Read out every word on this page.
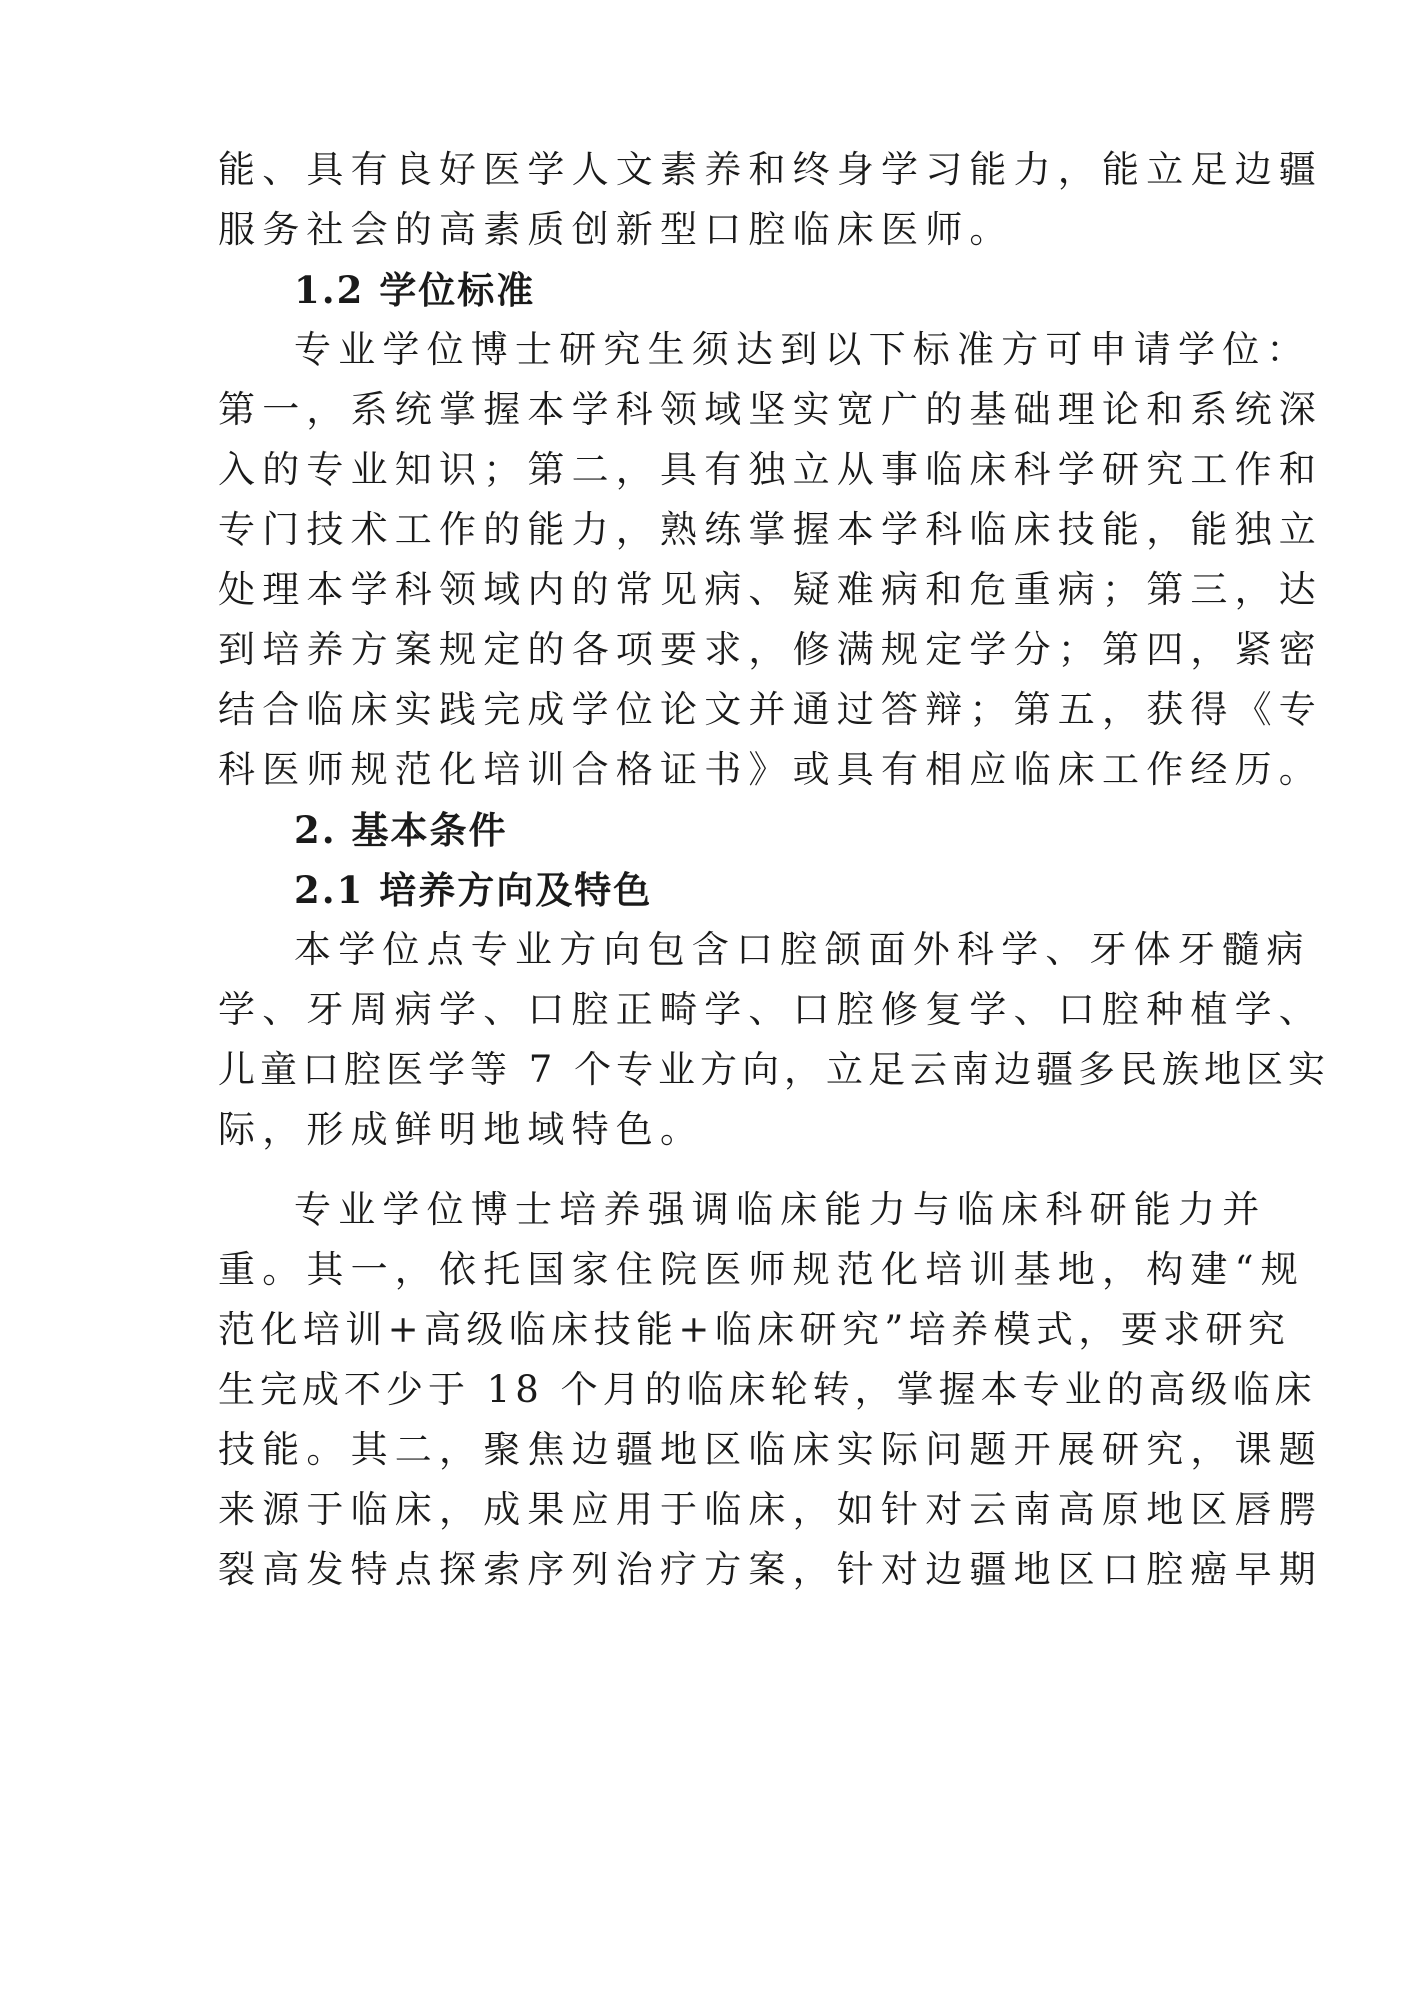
能、具有良好医学人文素养和终身学习能力，能立足边疆
服务社会的高素质创新型口腔临床医师。
1.2 学位标准
专业学位博士研究生须达到以下标准方可申请学位：
第一，系统掌握本学科领域坚实宽广的基础理论和系统深
入的专业知识；第二，具有独立从事临床科学研究工作和
专门技术工作的能力，熟练掌握本学科临床技能，能独立
处理本学科领域内的常见病、疑难病和危重病；第三，达
到培养方案规定的各项要求，修满规定学分；第四，紧密
结合临床实践完成学位论文并通过答辩；第五，获得《专
科医师规范化培训合格证书》或具有相应临床工作经历。
2. 基本条件
2.1 培养方向及特色
本学位点专业方向包含口腔颌面外科学、牙体牙髓病
学、牙周病学、口腔正畸学、口腔修复学、口腔种植学、
儿童口腔医学等 7 个专业方向，立足云南边疆多民族地区实
际，形成鲜明地域特色。
专业学位博士培养强调临床能力与临床科研能力并
重。其一，依托国家住院医师规范化培训基地，构建“规
范化培训+高级临床技能+临床研究”培养模式，要求研究
生完成不少于 18 个月的临床轮转，掌握本专业的高级临床
技能。其二，聚焦边疆地区临床实际问题开展研究，课题
来源于临床，成果应用于临床，如针对云南高原地区唇腭
裂高发特点探索序列治疗方案，针对边疆地区口腔癌早期
